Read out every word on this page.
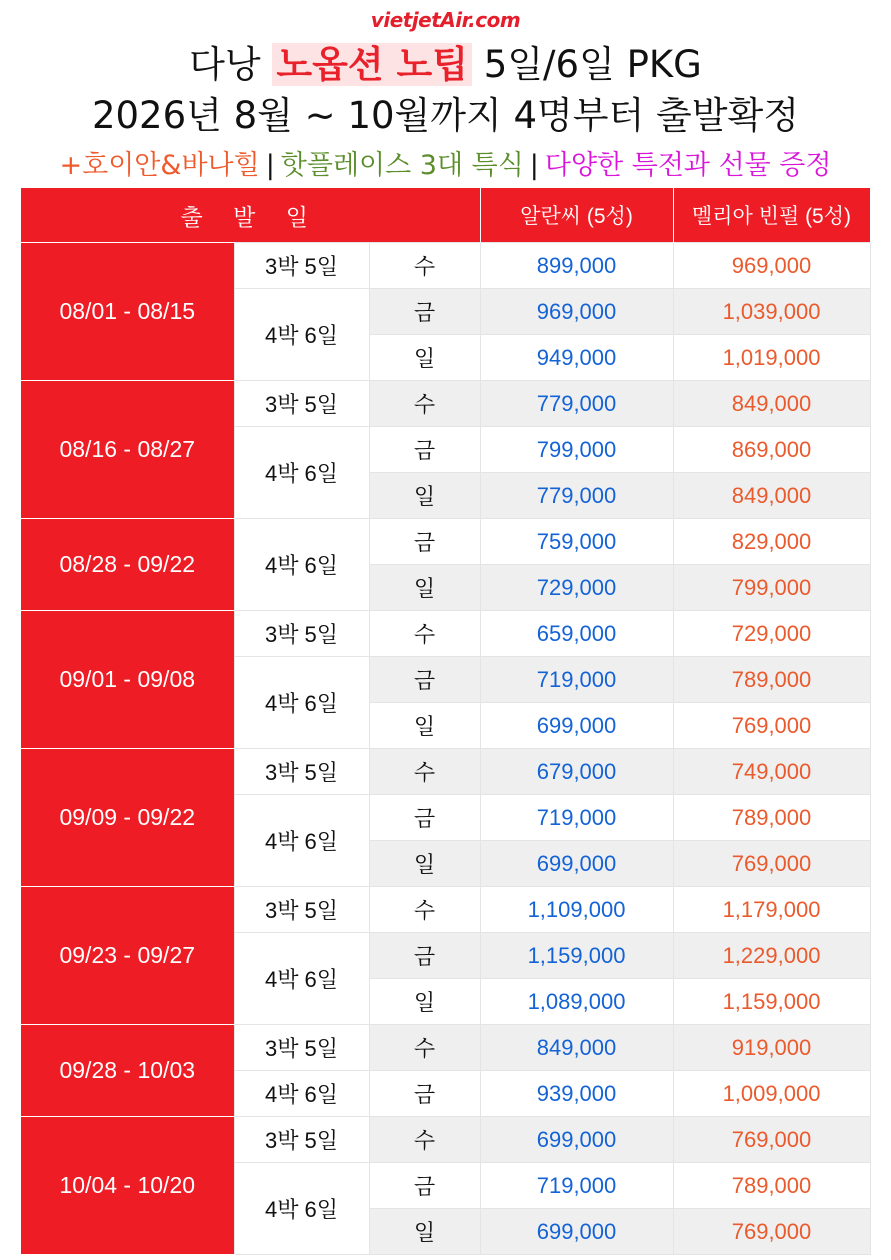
vietjetAir.com
다낭 노옵션 노팁 5일/6일 PKG
2026년 8월 ~ 10월까지 4명부터 출발확정
+호이안&바나힐 | 핫플레이스 3대 특식 | 다양한 특전과 선물 증정
출 발 일			알란씨 (5성)	멜리아 빈펄 (5성)
08/01 - 08/15	3박 5일	수	899,000	969,000
	4박 6일	금	969,000	1,039,000
		일	949,000	1,019,000
08/16 - 08/27	3박 5일	수	779,000	849,000
	4박 6일	금	799,000	869,000
		일	779,000	849,000
08/28 - 09/22	4박 6일	금	759,000	829,000
		일	729,000	799,000
09/01 - 09/08	3박 5일	수	659,000	729,000
	4박 6일	금	719,000	789,000
		일	699,000	769,000
09/09 - 09/22	3박 5일	수	679,000	749,000
	4박 6일	금	719,000	789,000
		일	699,000	769,000
09/23 - 09/27	3박 5일	수	1,109,000	1,179,000
	4박 6일	금	1,159,000	1,229,000
		일	1,089,000	1,159,000
09/28 - 10/03	3박 5일	수	849,000	919,000
	4박 6일	금	939,000	1,009,000
10/04 - 10/20	3박 5일	수	699,000	769,000
	4박 6일	금	719,000	789,000
		일	699,000	769,000
